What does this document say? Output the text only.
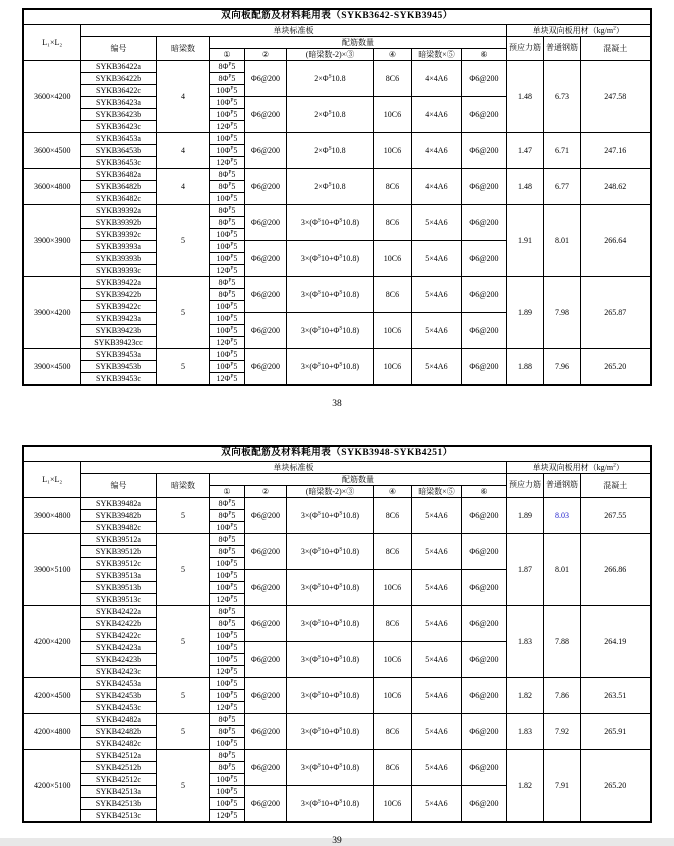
双向板配筋及材料耗用表（SYKB3642-SYKB3945）											
L₁×L₂	单块标准板								单块双向板用材$(kg/m^2)$		
	编号	暗梁数	配筋数量						预应力筋	普通钢筋	混凝土
			①	②	(暗梁数-2)×③	④	暗梁数×⑤	⑥			
3600×4200	SYKB36422a	4	$8\Phi^P5$	Φ6@200	$2\times\Phi^S10.8$	8C6	4×4A6	Φ6@200	1.48	6.73	247.58
	SYKB36422b		$8\Phi^P5$								
	SYKB36422c		$10\Phi^P5$								
	SYKB36423a		$10\Phi^P5$	Φ6@200	$2\times\Phi^S10.8$	10C6	4×4A6	Φ6@200			
	SYKB36423b		$10\Phi^P5$								
	SYKB36423c		$12\Phi^P5$								
3600×4500	SYKB36453a	4	$10\Phi^P5$	Φ6@200	$2\times\Phi^S10.8$	10C6	4×4A6	Φ6@200	1.47	6.71	247.16
	SYKB36453b		$10\Phi^P5$								
	SYKB36453c		$12\Phi^P5$								
3600×4800	SYKB36482a	4	$8\Phi^P5$	Φ6@200	$2\times\Phi^S10.8$	8C6	4×4A6	Φ6@200	1.48	6.77	248.62
	SYKB36482b		$8\Phi^P5$								
	SYKB36482c		$10\Phi^P5$								
3900×3900	SYKB39392a	5	$8\Phi^P5$	Φ6@200	$3\times(\Phi^S10+\Phi^S10.8)$	8C6	5×4A6	Φ6@200	1.91	8.01	266.64
	SYKB39392b		$8\Phi^P5$								
	SYKB39392c		$10\Phi^P5$								
	SYKB39393a		$10\Phi^P5$	Φ6@200	$3\times(\Phi^S10+\Phi^S10.8)$	10C6	5×4A6	Φ6@200			
	SYKB39393b		$10\Phi^P5$								
	SYKB39393c		$12\Phi^P5$								
3900×4200	SYKB39422a	5	$8\Phi^P5$	Φ6@200	$3\times(\Phi^S10+\Phi^S10.8)$	8C6	5×4A6	Φ6@200	1.89	7.98	265.87
	SYKB39422b		$8\Phi^P5$								
	SYKB39422c		$10\Phi^P5$								
	SYKB39423a		$10\Phi^P5$	Φ6@200	$3\times(\Phi^S10+\Phi^S10.8)$	10C6	5×4A6	Φ6@200			
	SYKB39423b		$10\Phi^P5$								
	SYKB39423cc		$12\Phi^P5$								
3900×4500	SYKB39453a	5	$10\Phi^P5$	Φ6@200	$3\times(\Phi^S10+\Phi^S10.8)$	10C6	5×4A6	Φ6@200	1.88	7.96	265.20
	SYKB39453b		$10\Phi^P5$								
	SYKB39453c		$12\Phi^P5$								
38
双向板配筋及材料耗用表（SYKB3948-SYKB4251）											
L₁×L₂	单块标准板								单块双向板用材$(kg/m^2)$		
	编号	暗梁数	配筋数量						预应力筋	普通钢筋	混凝土
			①	②	(暗梁数-2)×③	④	暗梁数×⑤	⑥			
3900×4800	SYKB39482a	5	$8\Phi^P5$	Φ6@200	$3\times(\Phi^S10+\Phi^S10.8)$	8C6	5×4A6	Φ6@200	1.89	8.03	267.55
	SYKB39482b		$8\Phi^P5$								
	SYKB39482c		$10\Phi^P5$								
3900×5100	SYKB39512a	5	$8\Phi^P5$	Φ6@200	$3\times(\Phi^S10+\Phi^S10.8)$	8C6	5×4A6	Φ6@200	1.87	8.01	266.86
	SYKB39512b		$8\Phi^P5$								
	SYKB39512c		$10\Phi^P5$								
	SYKB39513a		$10\Phi^P5$	Φ6@200	$3\times(\Phi^S10+\Phi^S10.8)$	10C6	5×4A6	Φ6@200			
	SYKB39513b		$10\Phi^P5$								
	SYKB39513c		$12\Phi^P5$								
4200×4200	SYKB42422a	5	$8\Phi^P5$	Φ6@200	$3\times(\Phi^S10+\Phi^S10.8)$	8C6	5×4A6	Φ6@200	1.83	7.88	264.19
	SYKB42422b		$8\Phi^P5$								
	SYKB42422c		$10\Phi^P5$								
	SYKB42423a		$10\Phi^P5$	Φ6@200	$3\times(\Phi^S10+\Phi^S10.8)$	10C6	5×4A6	Φ6@200			
	SYKB42423b		$10\Phi^P5$								
	SYKB42423c		$12\Phi^P5$								
4200×4500	SYKB42453a	5	$10\Phi^P5$	Φ6@200	$3\times(\Phi^S10+\Phi^S10.8)$	10C6	5×4A6	Φ6@200	1.82	7.86	263.51
	SYKB42453b		$10\Phi^P5$								
	SYKB42453c		$12\Phi^P5$								
4200×4800	SYKB42482a	5	$8\Phi^P5$	Φ6@200	$3\times(\Phi^S10+\Phi^S10.8)$	8C6	5×4A6	Φ6@200	1.83	7.92	265.91
	SYKB42482b		$8\Phi^P5$								
	SYKB42482c		$10\Phi^P5$								
4200×5100	SYKB42512a	5	$8\Phi^P5$	Φ6@200	$3\times(\Phi^S10+\Phi^S10.8)$	8C6	5×4A6	Φ6@200	1.82	7.91	265.20
	SYKB42512b		$8\Phi^P5$								
	SYKB42512c		$10\Phi^P5$								
	SYKB42513a		$10\Phi^P5$	Φ6@200	$3\times(\Phi^S10+\Phi^S10.8)$	10C6	5×4A6	Φ6@200			
	SYKB42513b		$10\Phi^P5$								
	SYKB42513c		$12\Phi^P5$								
39
